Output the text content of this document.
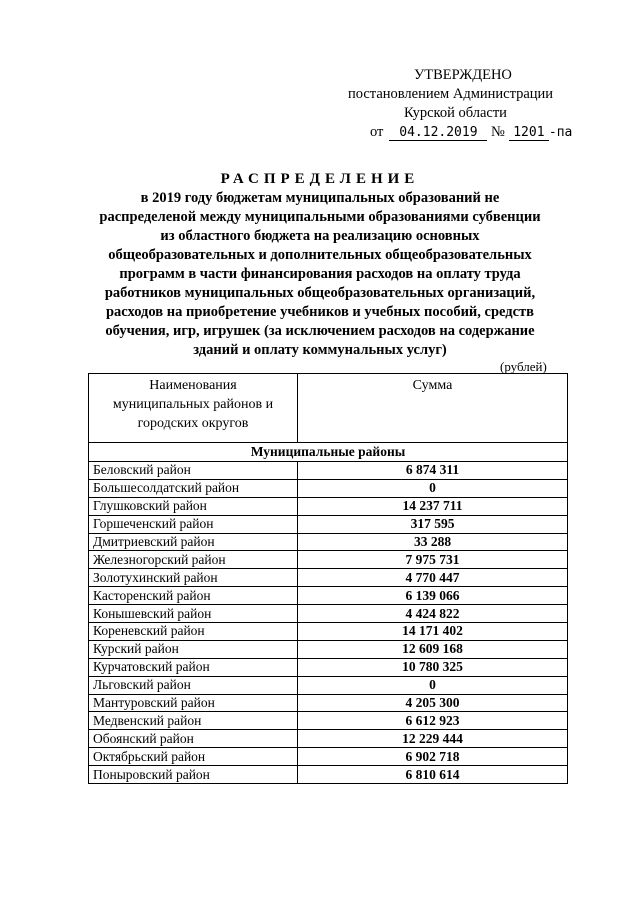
УТВЕРЖДЕНО
постановлением Администрации
Курской области
от 04.12.2019 № 1201 -па
РАСПРЕДЕЛЕНИЕ
в 2019 году бюджетам муниципальных образований не
распределеной между муниципальными образованиями субвенции
из областного бюджета на реализацию основных
общеобразовательных и дополнительных общеобразовательных
программ в части финансирования расходов на оплату труда
работников муниципальных общеобразовательных организаций,
расходов на приобретение учебников и учебных пособий, средств
обучения, игр, игрушек (за исключением расходов на содержание
зданий и оплату коммунальных услуг)
(рублей)
Наименования
муниципальных районов и
городских округов	Сумма
Муниципальные районы	
Беловский район	6 874 311
Большесолдатский район	0
Глушковский район	14 237 711
Горшеченский район	317 595
Дмитриевский район	33 288
Железногорский район	7 975 731
Золотухинский район	4 770 447
Касторенский район	6 139 066
Конышевский район	4 424 822
Кореневский район	14 171 402
Курский район	12 609 168
Курчатовский район	10 780 325
Льговский район	0
Мантуровский район	4 205 300
Медвенский район	6 612 923
Обоянский район	12 229 444
Октябрьский район	6 902 718
Поныровский район	6 810 614
